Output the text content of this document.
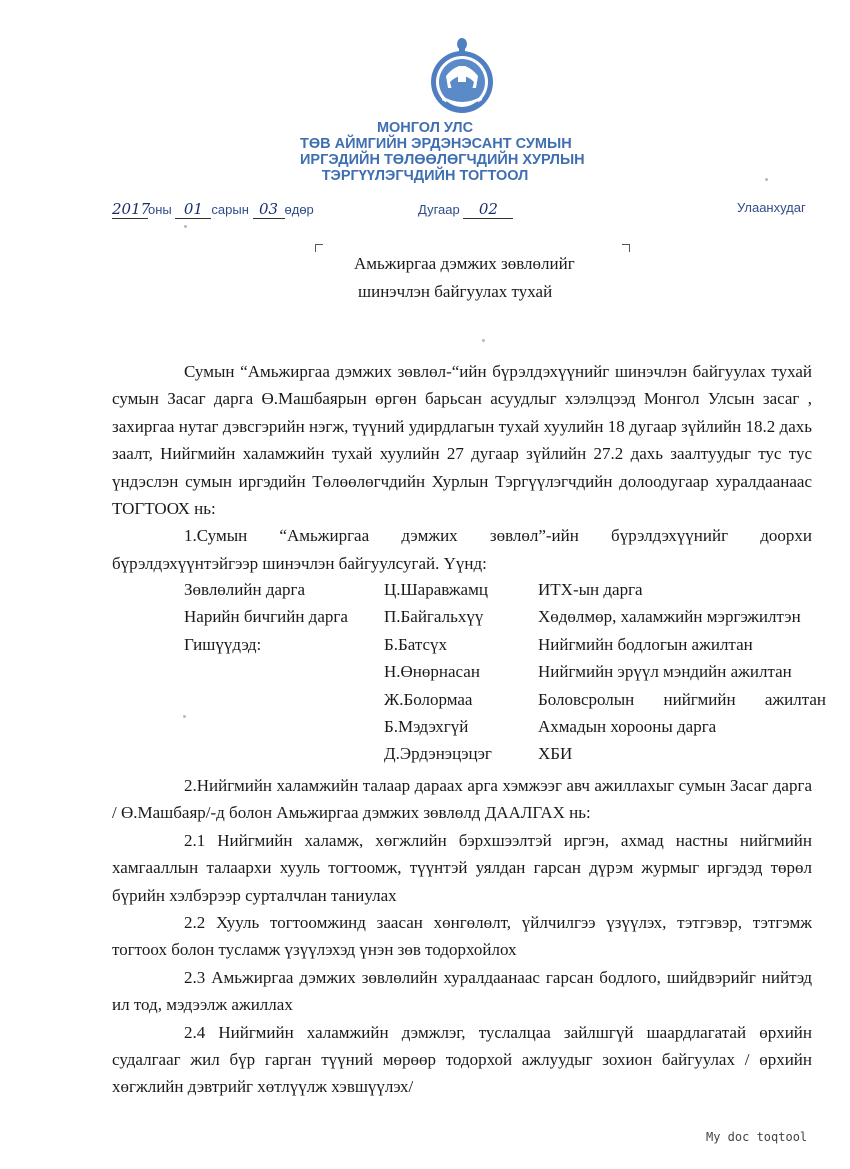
МОНГОЛ УЛС
ТӨВ АЙМГИЙН ЭРДЭНЭСАНТ СУМЫН
ИРГЭДИЙН ТӨЛӨӨЛӨГЧДИЙН ХУРЛЫН
ТЭРГҮҮЛЭГЧДИЙН ТОГТООЛ
2017оны 01 сарын 03 өдөр	Дугаар 02	Улаанхудаг
Амьжиргаа дэмжих зөвлөлийг
шинэчлэн байгуулах тухай

Сумын “Амьжиргаа дэмжих зөвлөл-“ийн бүрэлдэхүүнийг шинэчлэн байгуулах тухай сумын Засаг дарга Ө.Машбаярын өргөн барьсан асуудлыг хэлэлцээд Монгол Улсын засаг , захиргаа нутаг дэвсгэрийн нэгж, түүний удирдлагын тухай хуулийн 18 дугаар зүйлийн 18.2 дахь заалт, Нийгмийн халамжийн тухай хуулийн 27 дугаар зүйлийн 27.2 дахь заалтуудыг тус тус үндэслэн сумын иргэдийн Төлөөлөгчдийн Хурлын Тэргүүлэгчдийн долоодугаар хуралдаанаас ТОГТООХ нь:

1.Сумын “Амьжиргаа дэмжих зөвлөл”-ийн бүрэлдэхүүнийг доорхи бүрэлдэхүүнтэйгээр шинэчлэн байгуулсугай. Үүнд:

Зөвлөлийн дарга	Ц.Шаравжамц	ИТХ-ын дарга
Нарийн бичгийн дарга П.Байгальхүү	Хөдөлмөр, халамжийн мэргэжилтэн
Гишүүдэд:	Б.Батсүх	Нийгмийн бодлогын ажилтан
Н.Өнөрнасан	Нийгмийн эрүүл мэндийн ажилтан
Ж.Болормаа	Боловсролын нийгмийн ажилтан
Б.Мэдэхгүй	Ахмадын хорооны дарга
Д.Эрдэнэцэцэг	ХБИ

2.Нийгмийн халамжийн талаар дараах арга хэмжээг авч ажиллахыг сумын Засаг дарга / Ө.Машбаяр/-д болон Амьжиргаа дэмжих зөвлөлд ДААЛГАХ нь:

2.1 Нийгмийн халамж, хөгжлийн бэрхшээлтэй иргэн, ахмад настны нийгмийн хамгааллын талаархи хууль тогтоомж, түүнтэй уялдан гарсан дүрэм журмыг иргэдэд төрөл бүрийн хэлбэрээр сурталчлан таниулах

2.2 Хууль тогтоомжинд заасан хөнгөлөлт, үйлчилгээ үзүүлэх, тэтгэвэр, тэтгэмж тогтоох болон тусламж үзүүлэхэд үнэн зөв тодорхойлох

2.3 Амьжиргаа дэмжих зөвлөлийн хуралдаанаас гарсан бодлого, шийдвэрийг нийтэд ил тод, мэдээлж ажиллах

2.4 Нийгмийн халамжийн дэмжлэг, туслалцаа зайлшгүй шаардлагатай өрхийн судалгааг жил бүр гарган түүний мөрөөр тодорхой ажлуудыг зохион байгуулах / өрхийн хөгжлийн дэвтрийг хөтлүүлж хэвшүүлэх/

My doc toqtool
